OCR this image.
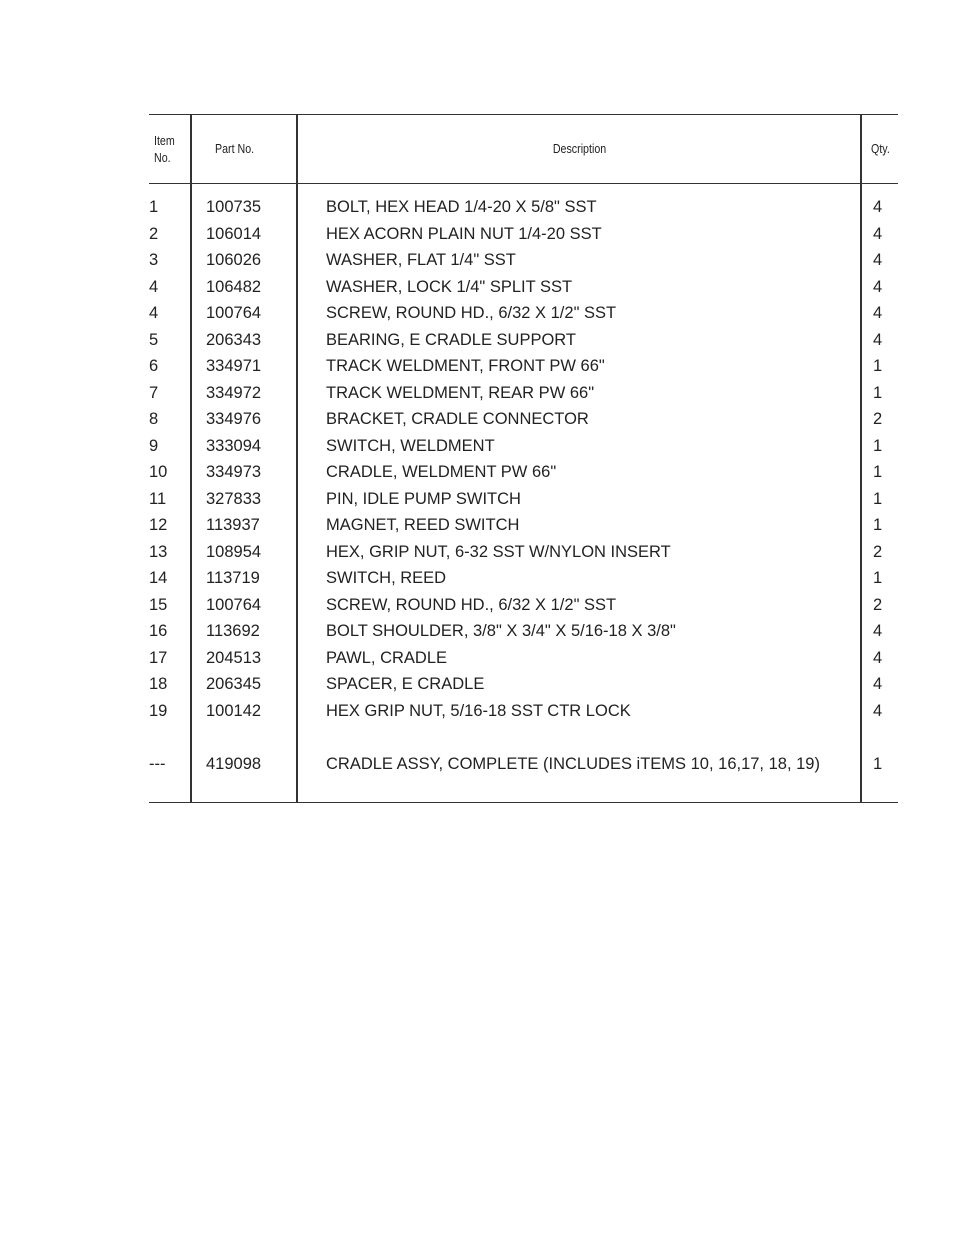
Item
No.
Part No.	Description	Qty.
1	100735	BOLT, HEX HEAD 1/4-20 X 5/8" SST	4
2	106014	HEX ACORN PLAIN NUT 1/4-20 SST	4
3	106026	WASHER, FLAT 1/4" SST	4
4	106482	WASHER, LOCK 1/4" SPLIT SST	4
4	100764	SCREW, ROUND HD., 6/32 X 1/2" SST	4
5	206343	BEARING, E CRADLE SUPPORT	4
6	334971	TRACK WELDMENT, FRONT PW 66"	1
7	334972	TRACK WELDMENT, REAR PW 66"	1
8	334976	BRACKET, CRADLE CONNECTOR	2
9	333094	SWITCH, WELDMENT	1
10 334973	CRADLE, WELDMENT PW 66"	1
11 327833	PIN, IDLE PUMP SWITCH	1
12 113937	MAGNET, REED SWITCH	1
13 108954	HEX, GRIP NUT, 6-32 SST W/NYLON INSERT	2
14 113719	SWITCH, REED	1
15 100764	SCREW, ROUND HD., 6/32 X 1/2" SST	2
16 113692	BOLT SHOULDER, 3/8" X 3/4" X 5/16-18 X 3/8"	4
17 204513	PAWL, CRADLE	4
18 206345	SPACER, E CRADLE	4
19 100142	HEX GRIP NUT, 5/16-18 SST CTR LOCK	4
--- 419098	CRADLE ASSY, COMPLETE (INCLUDES iTEMS 10, 16,17, 18, 19)	1
